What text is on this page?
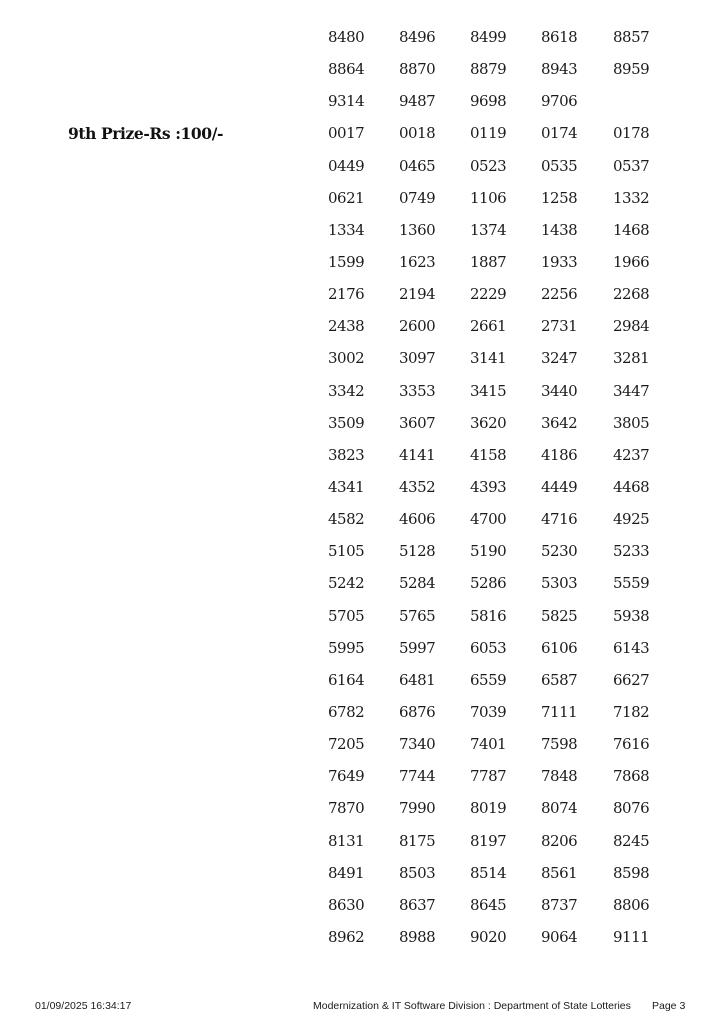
8480 8496 8499 8618 8857
8864 8870 8879 8943 8959
9314 9487 9698 9706
0017 0018 0119 0174 0178
0449 0465 0523 0535 0537
0621 0749 1106 1258 1332
1334 1360 1374 1438 1468
1599 1623 1887 1933 1966
2176 2194 2229 2256 2268
2438 2600 2661 2731 2984
3002 3097 3141 3247 3281
3342 3353 3415 3440 3447
3509 3607 3620 3642 3805
3823 4141 4158 4186 4237
4341 4352 4393 4449 4468
4582 4606 4700 4716 4925
5105 5128 5190 5230 5233
5242 5284 5286 5303 5559
5705 5765 5816 5825 5938
5995 5997 6053 6106 6143
6164 6481 6559 6587 6627
6782 6876 7039 7111 7182
7205 7340 7401 7598 7616
7649 7744 7787 7848 7868
7870 7990 8019 8074 8076
8131 8175 8197 8206 8245
8491 8503 8514 8561 8598
8630 8637 8645 8737 8806
8962 8988 9020 9064 9111
9th Prize-Rs :100/-
01/09/2025 16:34:17	Modernization & IT Software Division : Department of State Lotteries Page 3
